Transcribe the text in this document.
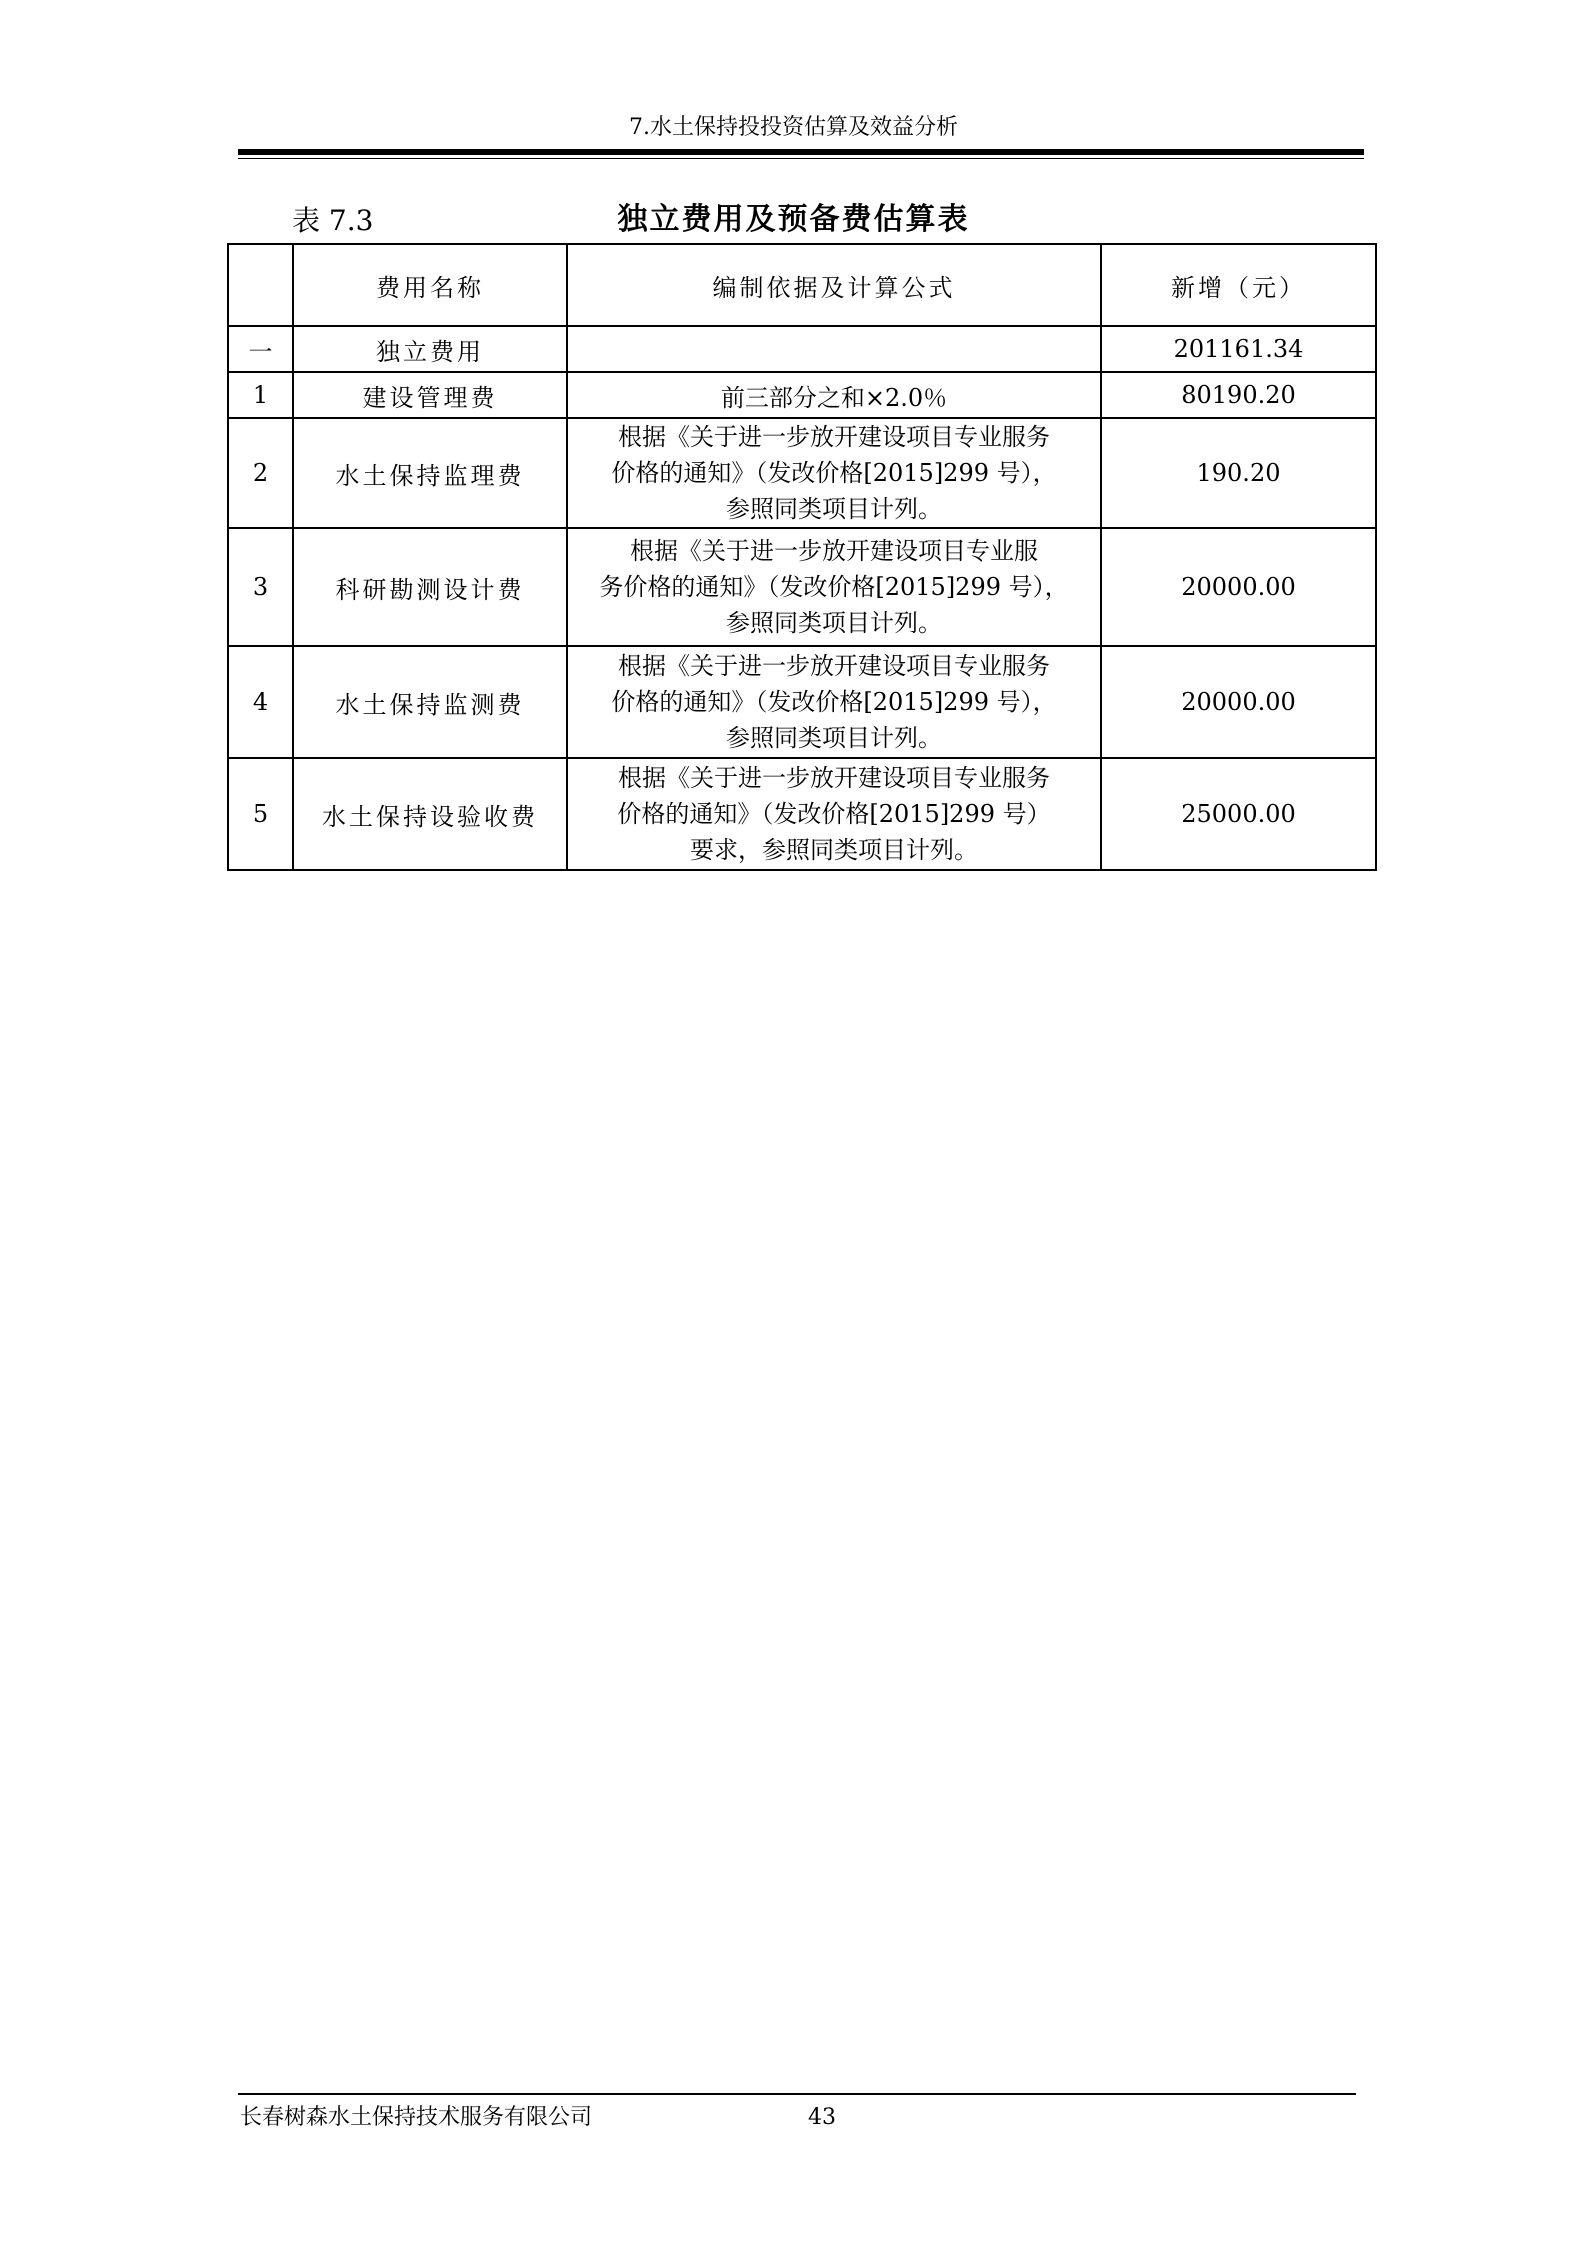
7.水土保持投投资估算及效益分析
表 7.3	独立费用及预备费估算表
	费用名称	编制依据及计算公式	新增（元）
一	独立费用		201161.34
1	建设管理费	前三部分之和×2.0％	80190.20
2	水土保持监理费	根据《关于进一步放开建设项目专业服务
价格的通知》（发改价格[2015]299 号），
参照同类项目计列。	190.20
3	科研勘测设计费	根据《关于进一步放开建设项目专业服
务价格的通知》（发改价格[2015]299 号），
参照同类项目计列。	20000.00
4	水土保持监测费	根据《关于进一步放开建设项目专业服务
价格的通知》（发改价格[2015]299 号），
参照同类项目计列。	20000.00
5	水土保持设验收费	根据《关于进一步放开建设项目专业服务
价格的通知》（发改价格[2015]299 号）
要求，参照同类项目计列。	25000.00
长春树森水土保持技术服务有限公司	43
